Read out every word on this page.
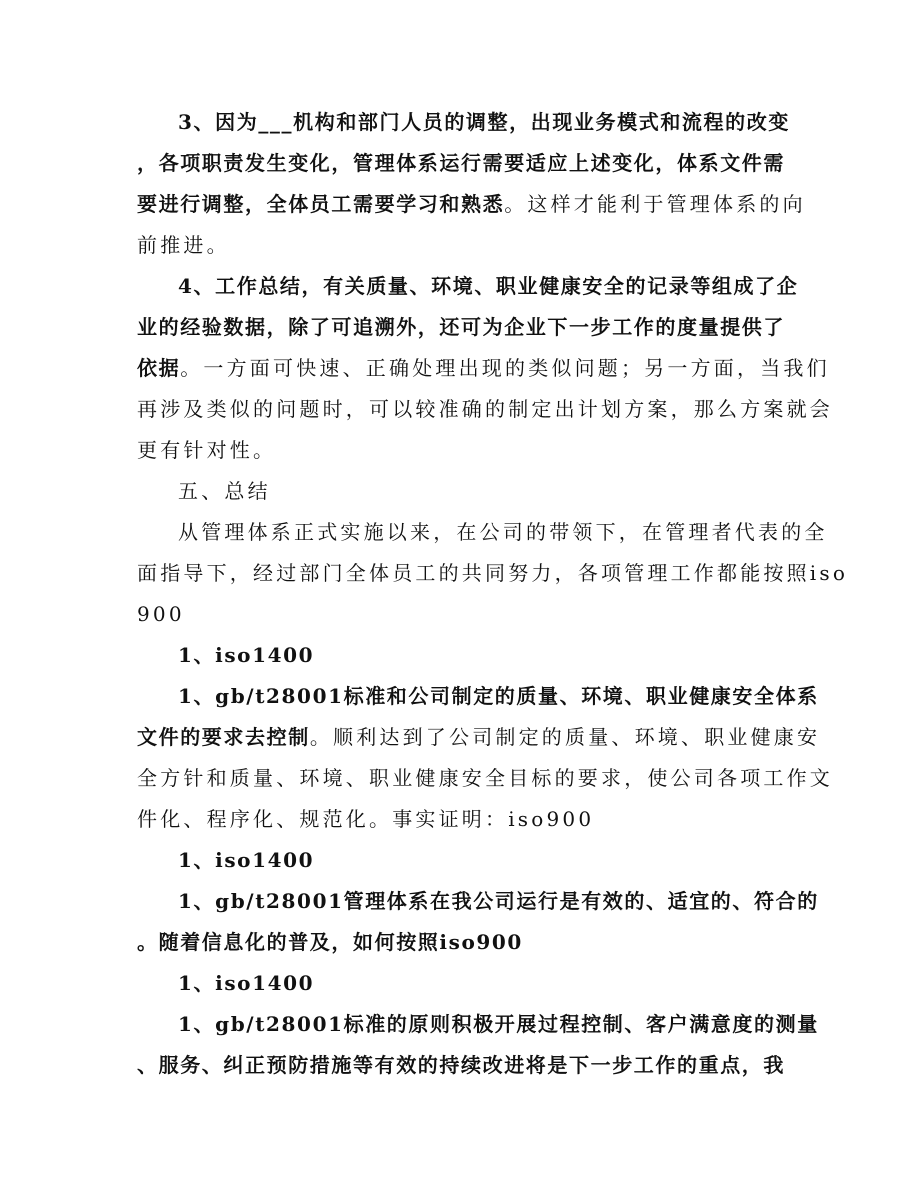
3、因为___机构和部门人员的调整，出现业务模式和流程的改变
，各项职责发生变化，管理体系运行需要适应上述变化，体系文件需
要进行调整，全体员工需要学习和熟悉。这样才能利于管理体系的向
前推进。
4、工作总结，有关质量、环境、职业健康安全的记录等组成了企
业的经验数据，除了可追溯外，还可为企业下一步工作的度量提供了
依据。一方面可快速、正确处理出现的类似问题；另一方面，当我们
再涉及类似的问题时，可以较准确的制定出计划方案，那么方案就会
更有针对性。
五、总结
从管理体系正式实施以来，在公司的带领下，在管理者代表的全
面指导下，经过部门全体员工的共同努力，各项管理工作都能按照iso
900
1、iso1400
1、gb/t28001标准和公司制定的质量、环境、职业健康安全体系
文件的要求去控制。顺利达到了公司制定的质量、环境、职业健康安
全方针和质量、环境、职业健康安全目标的要求，使公司各项工作文
件化、程序化、规范化。事实证明：iso900
1、iso1400
1、gb/t28001管理体系在我公司运行是有效的、适宜的、符合的
。随着信息化的普及，如何按照iso900
1、iso1400
1、gb/t28001标准的原则积极开展过程控制、客户满意度的测量
、服务、纠正预防措施等有效的持续改进将是下一步工作的重点，我
